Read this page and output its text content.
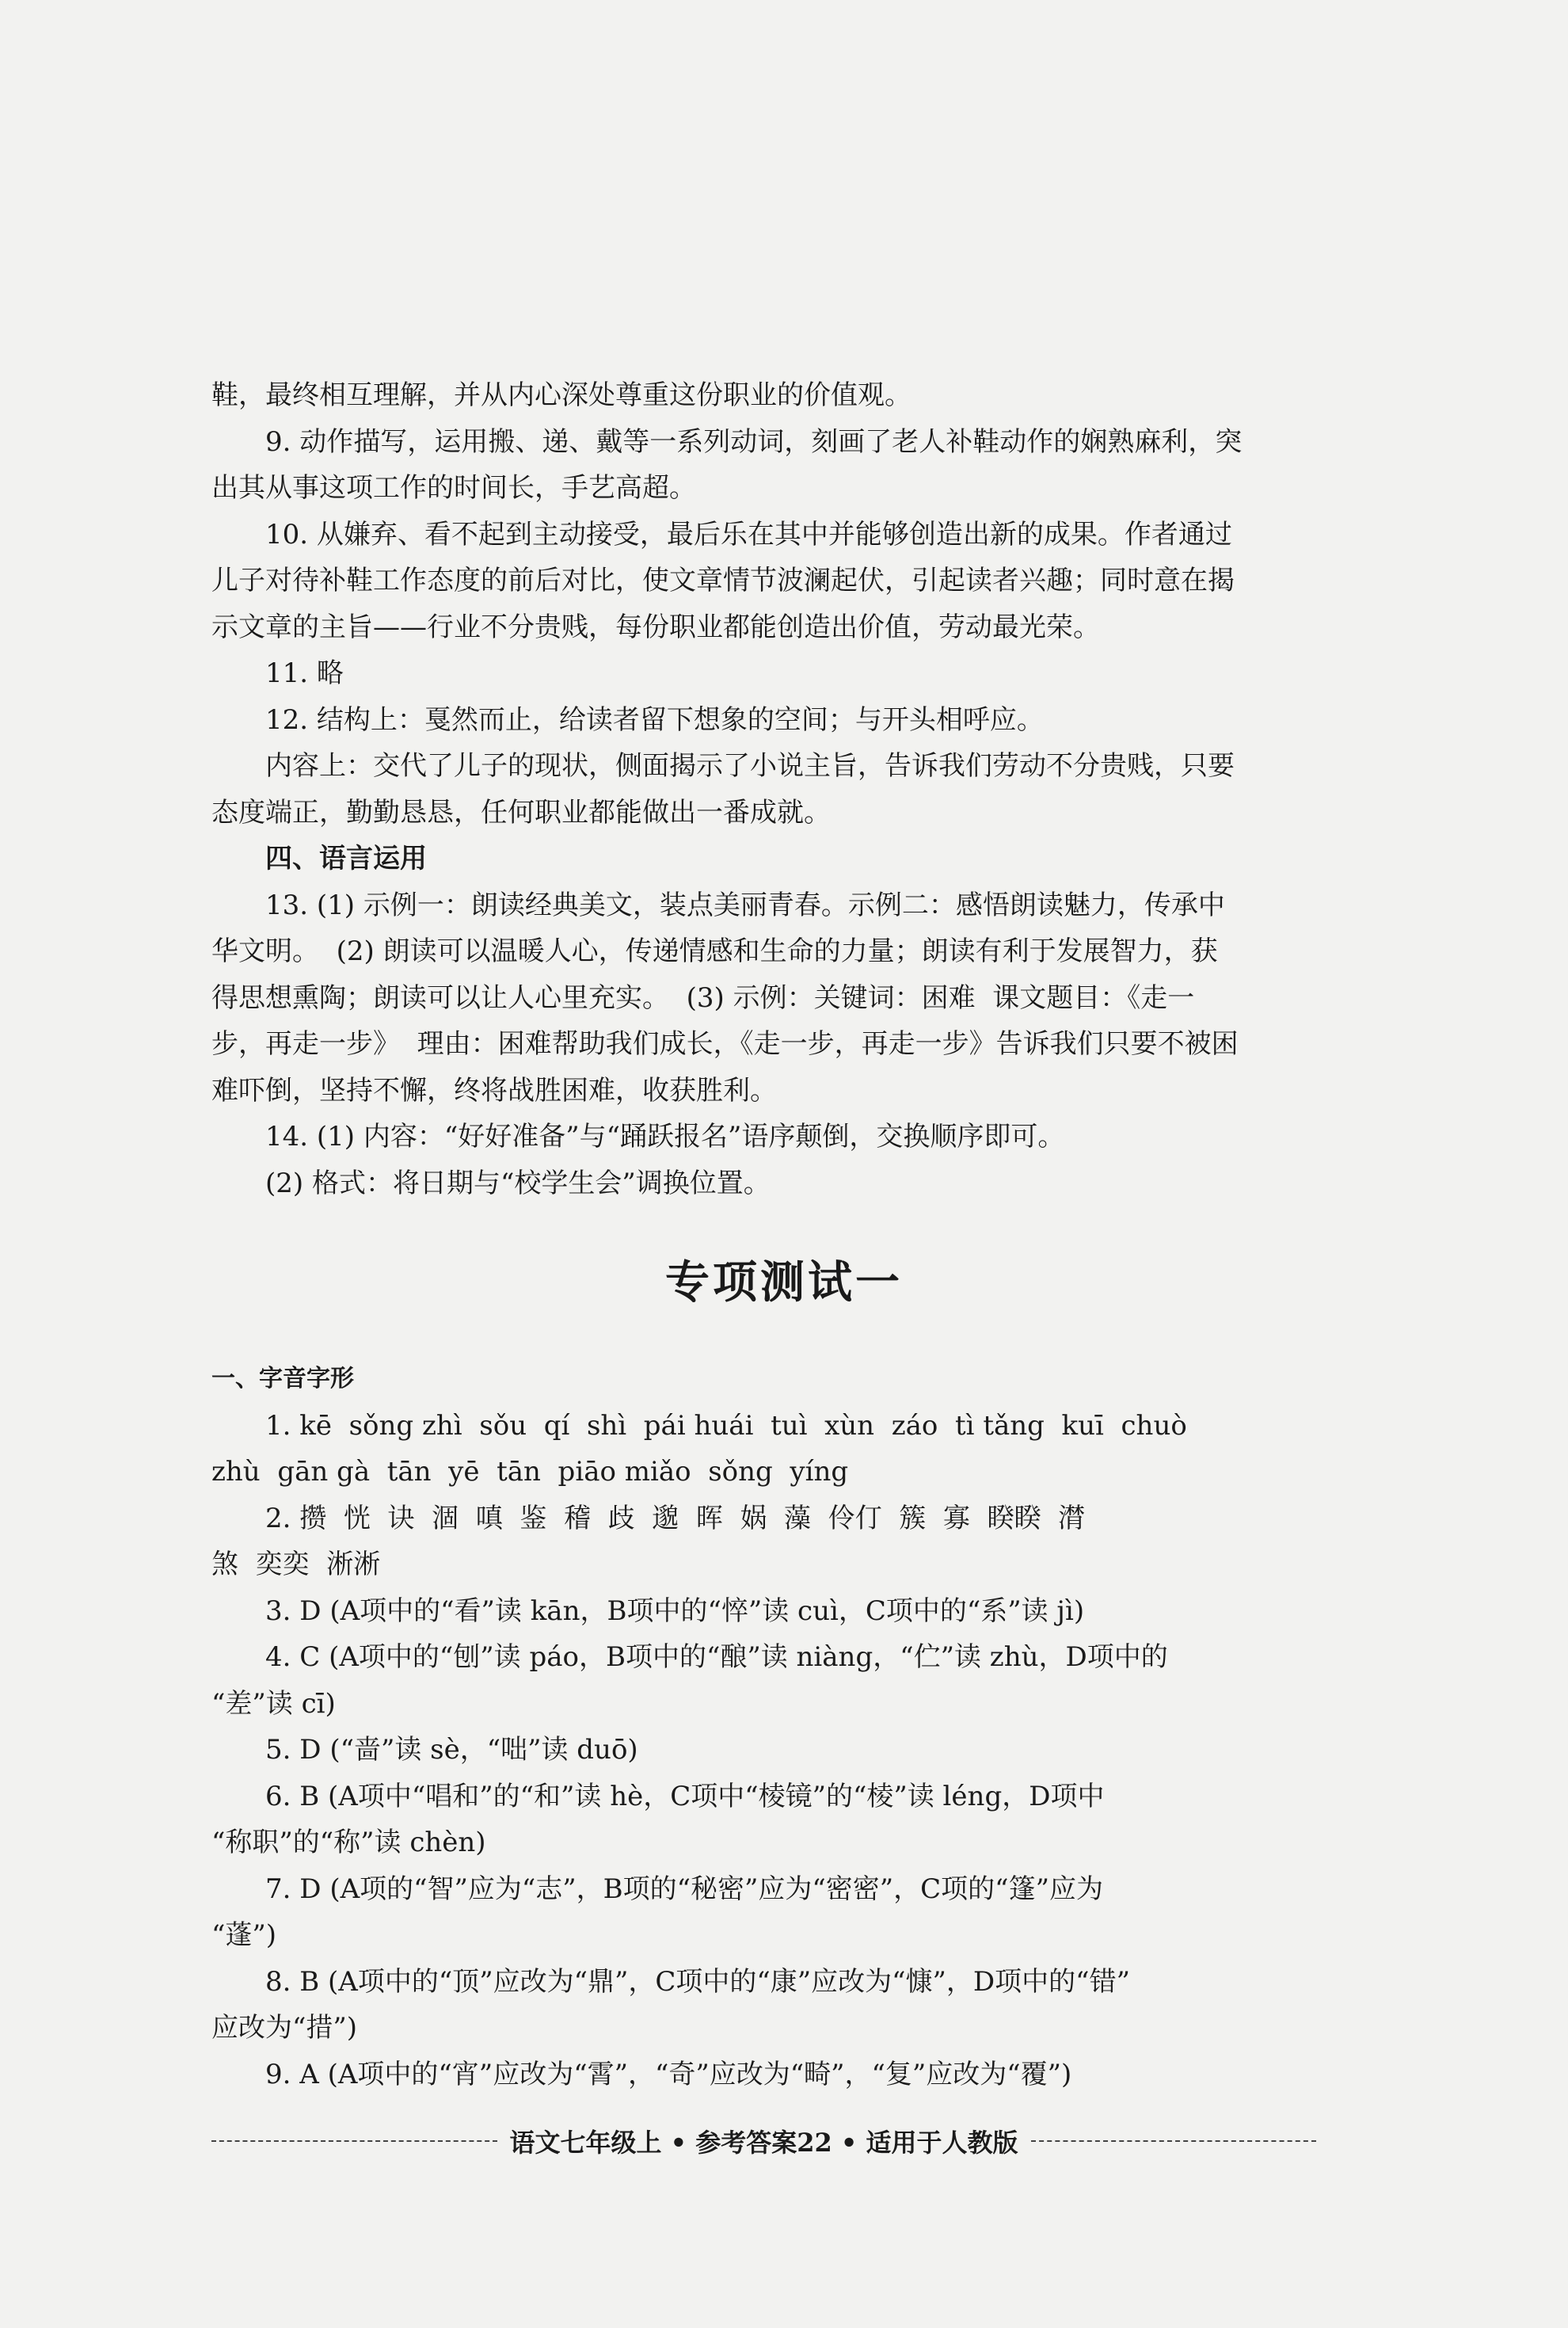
鞋，最终相互理解，并从内心深处尊重这份职业的价值观。

9. 动作描写，运用搬、递、戴等一系列动词，刻画了老人补鞋动作的娴熟麻利，突

出其从事这项工作的时间长，手艺高超。

10. 从嫌弃、看不起到主动接受，最后乐在其中并能够创造出新的成果。作者通过

儿子对待补鞋工作态度的前后对比，使文章情节波澜起伏，引起读者兴趣；同时意在揭

示文章的主旨——行业不分贵贱，每份职业都能创造出价值，劳动最光荣。

11. 略

12. 结构上：戛然而止，给读者留下想象的空间；与开头相呼应。

内容上：交代了儿子的现状，侧面揭示了小说主旨，告诉我们劳动不分贵贱，只要

态度端正，勤勤恳恳，任何职业都能做出一番成就。

四、语言运用

13. (1) 示例一：朗读经典美文，装点美丽青春。示例二：感悟朗读魅力，传承中

华文明。  (2) 朗读可以温暖人心，传递情感和生命的力量；朗读有利于发展智力，获

得思想熏陶；朗读可以让人心里充实。  (3) 示例：关键词：困难  课文题目：《走一

步，再走一步》  理由：困难帮助我们成长，《走一步，再走一步》告诉我们只要不被困

难吓倒，坚持不懈，终将战胜困难，收获胜利。

14. (1) 内容：“好好准备”与“踊跃报名”语序颠倒，交换顺序即可。

(2) 格式：将日期与“校学生会”调换位置。

专项测试一

一、字音字形

1. kē  sǒng zhì  sǒu  qí  shì  pái huái  tuì  xùn  záo  tì tǎng  kuī  chuò

zhù  gān gà  tān  yē  tān  piāo miǎo  sǒng  yíng

2. 攒  恍  诀  涸  嗔  鉴  稽  歧  邈  晖  娲  藻  伶仃  簇  寡  睽睽  潸

煞  奕奕  淅淅

3. D (A项中的“看”读 kān，B项中的“悴”读 cuì，C项中的“系”读 jì)

4. C (A项中的“刨”读 páo，B项中的“酿”读 niàng，“伫”读 zhù，D项中的

“差”读 cī)

5. D (“啬”读 sè，“咄”读 duō)

6. B (A项中“唱和”的“和”读 hè，C项中“棱镜”的“棱”读 léng，D项中

“称职”的“称”读 chèn)

7. D (A项的“智”应为“志”，B项的“秘密”应为“密密”，C项的“篷”应为

“蓬”)

8. B (A项中的“顶”应改为“鼎”，C项中的“康”应改为“慷”，D项中的“错”

应改为“措”)

9. A (A项中的“宵”应改为“霄”，“奇”应改为“畸”，“复”应改为“覆”)

语文七年级上 • 参考答案22 • 适用于人教版
